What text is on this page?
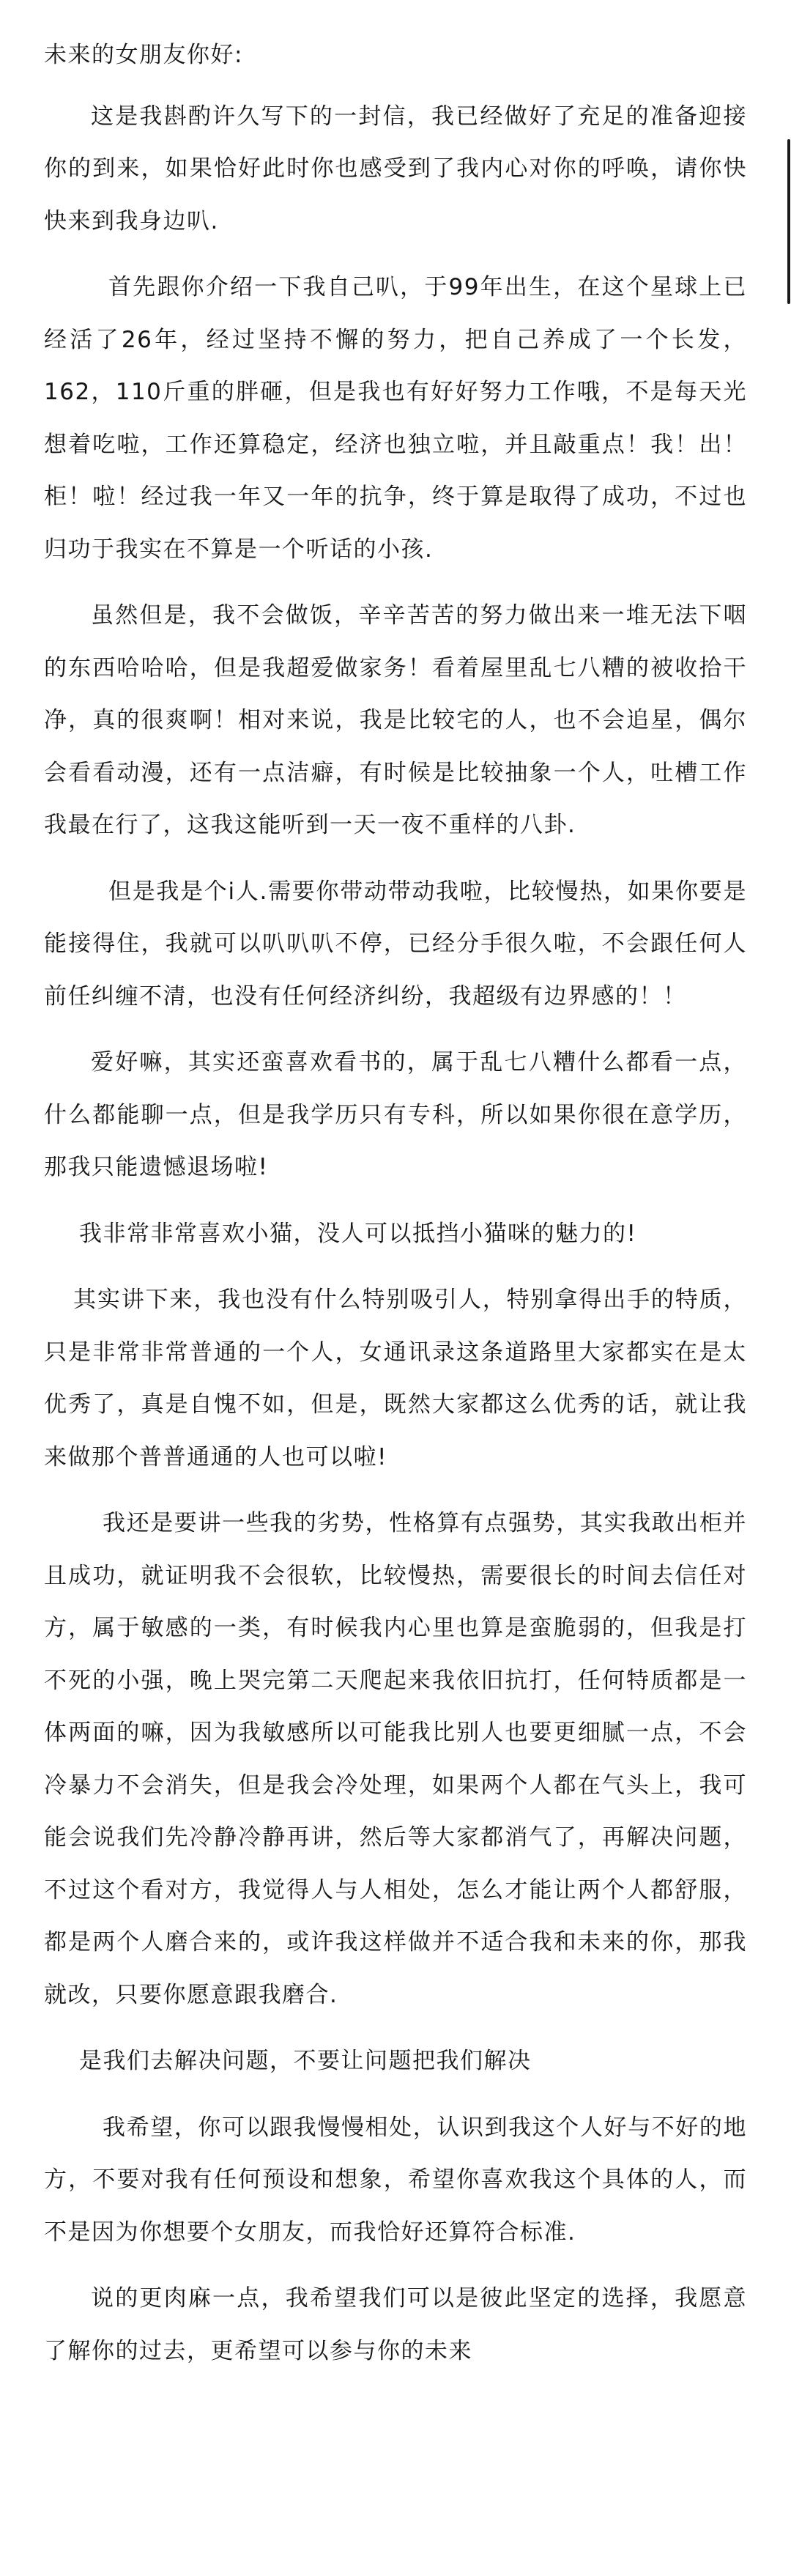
未来的女朋友你好:

这是我斟酌许久写下的一封信，我已经做好了充足的准备迎接你的到来，如果恰好此时你也感受到了我内心对你的呼唤，请你快快来到我身边叭.

首先跟你介绍一下我自己叭，于99年出生，在这个星球上已经活了26年，经过坚持不懈的努力，把自己养成了一个长发，162，110斤重的胖砸，但是我也有好好努力工作哦，不是每天光想着吃啦，工作还算稳定，经济也独立啦，并且敲重点！我！出！柜！啦！经过我一年又一年的抗争，终于算是取得了成功，不过也归功于我实在不算是一个听话的小孩.

虽然但是，我不会做饭，辛辛苦苦的努力做出来一堆无法下咽的东西哈哈哈，但是我超爱做家务！看着屋里乱七八糟的被收拾干净，真的很爽啊！相对来说，我是比较宅的人，也不会追星，偶尔会看看动漫，还有一点洁癖，有时候是比较抽象一个人，吐槽工作我最在行了，这我这能听到一天一夜不重样的八卦.

但是我是个i人.需要你带动带动我啦，比较慢热，如果你要是能接得住，我就可以叭叭叭不停，已经分手很久啦，不会跟任何人前任纠缠不清，也没有任何经济纠纷，我超级有边界感的！！

爱好嘛，其实还蛮喜欢看书的，属于乱七八糟什么都看一点，什么都能聊一点，但是我学历只有专科，所以如果你很在意学历，那我只能遗憾退场啦!

我非常非常喜欢小猫，没人可以抵挡小猫咪的魅力的!

其实讲下来，我也没有什么特别吸引人，特别拿得出手的特质，只是非常非常普通的一个人，女通讯录这条道路里大家都实在是太优秀了，真是自愧不如，但是，既然大家都这么优秀的话，就让我来做那个普普通通的人也可以啦!

我还是要讲一些我的劣势，性格算有点强势，其实我敢出柜并且成功，就证明我不会很软，比较慢热，需要很长的时间去信任对方，属于敏感的一类，有时候我内心里也算是蛮脆弱的，但我是打不死的小强，晚上哭完第二天爬起来我依旧抗打，任何特质都是一体两面的嘛，因为我敏感所以可能我比别人也要更细腻一点，不会冷暴力不会消失，但是我会冷处理，如果两个人都在气头上，我可能会说我们先冷静冷静再讲，然后等大家都消气了，再解决问题，不过这个看对方，我觉得人与人相处，怎么才能让两个人都舒服，都是两个人磨合来的，或许我这样做并不适合我和未来的你，那我就改，只要你愿意跟我磨合.

是我们去解决问题，不要让问题把我们解决

我希望，你可以跟我慢慢相处，认识到我这个人好与不好的地方，不要对我有任何预设和想象，希望你喜欢我这个具体的人，而不是因为你想要个女朋友，而我恰好还算符合标准.

说的更肉麻一点，我希望我们可以是彼此坚定的选择，我愿意了解你的过去，更希望可以参与你的未来
